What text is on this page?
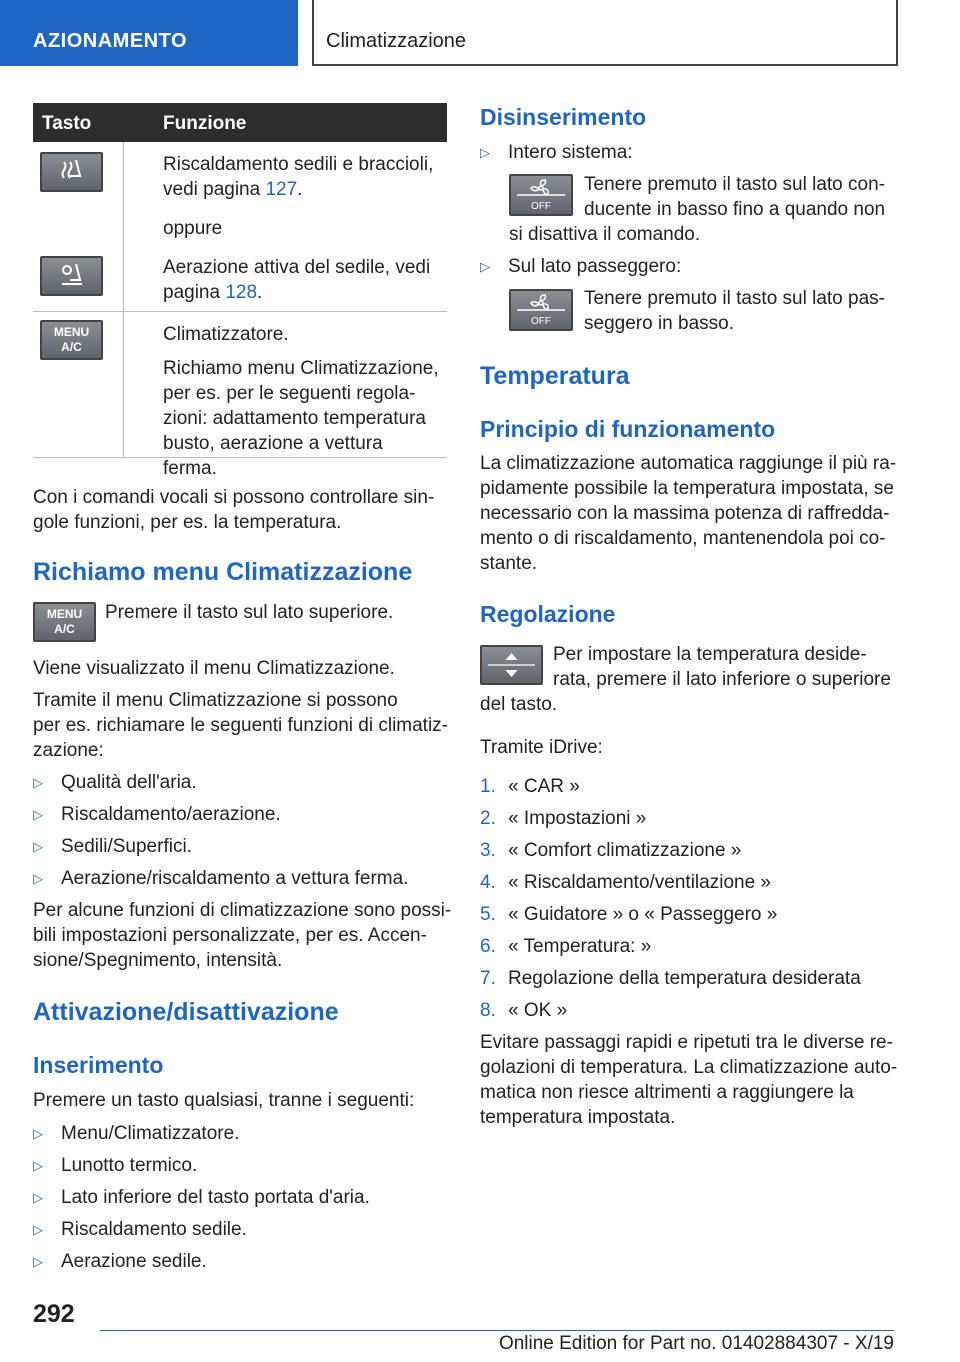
AZIONAMENTO	Climatizzazione
Tasto	Funzione

Riscaldamento sedili e braccioli,
vedi pagina 127.

oppure

Aerazione attiva del sedile, vedi
pagina 128.

Climatizzatore.

Richiamo menu Climatizzazione, per es. per le seguenti regola-zioni: adattamento temperatura busto, aerazione a vettura ferma.

MENU
A/C
Con i comandi vocali si possono controllare sin-
gole funzioni, per es. la temperatura.
Richiamo menu Climatizzazione
MENU
A/C
Premere il tasto sul lato superiore.
Viene visualizzato il menu Climatizzazione.
Tramite il menu Climatizzazione si possono
per es. richiamare le seguenti funzioni di climatiz-
zazione:
▷ Qualità dell'aria.
▷ Riscaldamento/aerazione.
▷ Sedili/Superfici.
▷ Aerazione/riscaldamento a vettura ferma.
Per alcune funzioni di climatizzazione sono possi-
bili impostazioni personalizzate, per es. Accen-
sione/Spegnimento, intensità.
Attivazione/disattivazione
Inserimento
Premere un tasto qualsiasi, tranne i seguenti:
▷ Menu/Climatizzatore.
▷ Lunotto termico.
▷ Lato inferiore del tasto portata d'aria.
▷ Riscaldamento sedile.
▷ Aerazione sedile.
Disinserimento
▷ Intero sistema:
OFF
Tenere premuto il tasto sul lato con-
ducente in basso fino a quando non
si disattiva il comando.
▷ Sul lato passeggero:
OFF
Tenere premuto il tasto sul lato pas-
seggero in basso.
Temperatura
Principio di funzionamento
La climatizzazione automatica raggiunge il più ra-
pidamente possibile la temperatura impostata, se
necessario con la massima potenza di raffredda-
mento o di riscaldamento, mantenendola poi co-
stante.
Regolazione
Per impostare la temperatura deside-
rata, premere il lato inferiore o superiore
del tasto.
Tramite iDrive:
1. « CAR »
2. « Impostazioni »
3. « Comfort climatizzazione »
4. « Riscaldamento/ventilazione »
5. « Guidatore » o « Passeggero »
6. « Temperatura: »
7. Regolazione della temperatura desiderata
8. « OK »
Evitare passaggi rapidi e ripetuti tra le diverse re-
golazioni di temperatura. La climatizzazione auto-
matica non riesce altrimenti a raggiungere la
temperatura impostata.
292
Online Edition for Part no. 01402884307 - X/19
